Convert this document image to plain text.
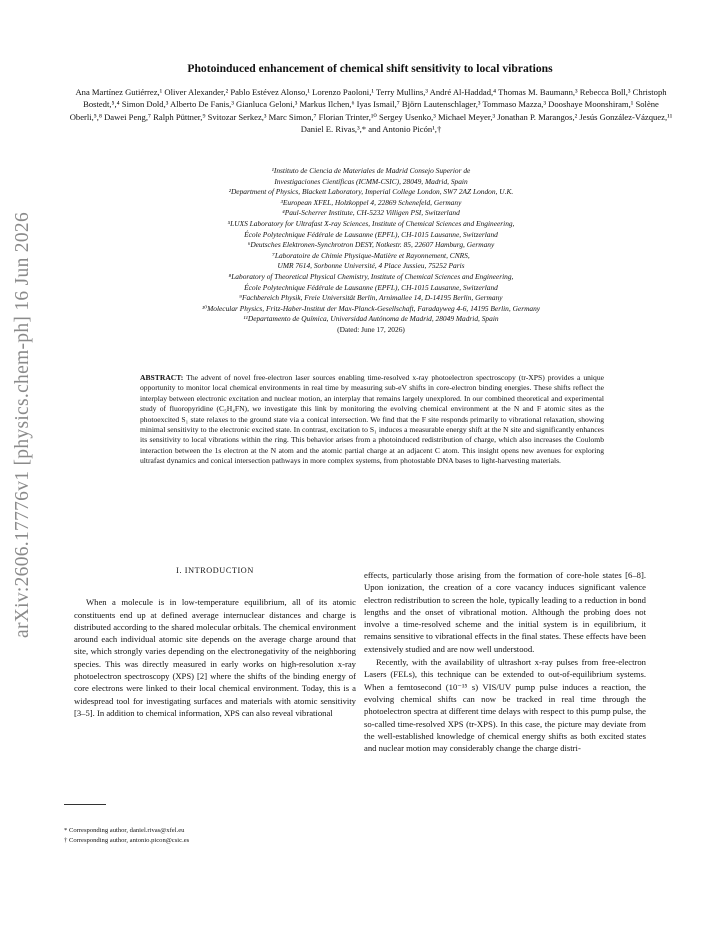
arXiv:2606.17776v1 [physics.chem-ph] 16 Jun 2026
Photoinduced enhancement of chemical shift sensitivity to local vibrations
Ana Martínez Gutiérrez,¹ Oliver Alexander,² Pablo Estévez Alonso,¹ Lorenzo Paoloni,¹ Terry Mullins,³ André Al-Haddad,⁴ Thomas M. Baumann,³ Rebecca Boll,³ Christoph Bostedt,⁵,⁴ Simon Dold,³ Alberto De Fanis,³ Gianluca Geloni,³ Markus Ilchen,⁶ Iyas Ismail,⁷ Björn Lautenschlager,³ Tommaso Mazza,³ Dooshaye Moonshiram,¹ Solène Oberli,⁵,⁸ Dawei Peng,⁷ Ralph Püttner,⁹ Svitozar Serkez,³ Marc Simon,⁷ Florian Trinter,¹⁰ Sergey Usenko,³ Michael Meyer,³ Jonathan P. Marangos,² Jesús González-Vázquez,¹¹ Daniel E. Rivas,³,* and Antonio Picón¹,†
¹Instituto de Ciencia de Materiales de Madrid Consejo Superior de
Investigaciones Científicas (ICMM-CSIC), 28049, Madrid, Spain
²Department of Physics, Blackett Laboratory, Imperial College London, SW7 2AZ London, U.K.
³European XFEL, Holzkoppel 4, 22869 Schenefeld, Germany
⁴Paul-Scherrer Institute, CH-5232 Villigen PSI, Switzerland
⁵LUXS Laboratory for Ultrafast X-ray Sciences, Institute of Chemical Sciences and Engineering,
École Polytechnique Fédérale de Lausanne (EPFL), CH-1015 Lausanne, Switzerland
⁶Deutsches Elektronen-Synchrotron DESY, Notkestr. 85, 22607 Hamburg, Germany
⁷Laboratoire de Chimie Physique-Matière et Rayonnement, CNRS,
UMR 7614, Sorbonne Université, 4 Place Jussieu, 75252 Paris
⁸Laboratory of Theoretical Physical Chemistry, Institute of Chemical Sciences and Engineering,
École Polytechnique Fédérale de Lausanne (EPFL), CH-1015 Lausanne, Switzerland
⁹Fachbereich Physik, Freie Universität Berlin, Arnimallee 14, D-14195 Berlin, Germany
¹⁰Molecular Physics, Fritz-Haber-Institut der Max-Planck-Gesellschaft, Faradayweg 4-6, 14195 Berlin, Germany
¹¹Departamento de Química, Universidad Autónoma de Madrid, 28049 Madrid, Spain
(Dated: June 17, 2026)
ABSTRACT: The advent of novel free-electron laser sources enabling time-resolved x-ray photoelectron spectroscopy (tr-XPS) provides a unique opportunity to monitor local chemical environments in real time by measuring sub-eV shifts in core-electron binding energies. These shifts reflect the interplay between electronic excitation and nuclear motion, an interplay that remains largely unexplored. In our combined theoretical and experimental study of fluoropyridine (C₅H₄FN), we investigate this link by monitoring the evolving chemical environment at the N and F atomic sites as the photoexcited S₁ state relaxes to the ground state via a conical intersection. We find that the F site responds primarily to vibrational relaxation, showing minimal sensitivity to the electronic excited state. In contrast, excitation to S₁ induces a measurable energy shift at the N site and significantly enhances its sensitivity to local vibrations within the ring. This behavior arises from a photoinduced redistribution of charge, which also increases the Coulomb interaction between the 1s electron at the N atom and the atomic partial charge at an adjacent C atom. This insight opens new avenues for exploring ultrafast dynamics and conical intersection pathways in more complex systems, from photostable DNA bases to light-harvesting materials.
I. INTRODUCTION

When a molecule is in low-temperature equilibrium, all of its atomic constituents end up at defined average internuclear distances and charge is distributed according to the shared molecular orbitals. The chemical environment around each individual atomic site depends on the average charge around that site, which strongly varies depending on the electronegativity of the neighboring species. This was directly measured in early works on high-resolution x-ray photoelectron spectroscopy (XPS) [2] where the shifts of the binding energy of core electrons were linked to their local chemical environment. Today, this is a widespread tool for investigating surfaces and materials with atomic sensitivity [3–5]. In addition to chemical information, XPS can also reveal vibrational

effects, particularly those arising from the formation of core-hole states [6–8]. Upon ionization, the creation of a core vacancy induces significant valence electron redistribution to screen the hole, typically leading to a reduction in bond lengths and the onset of vibrational motion. Although the probing does not involve a time-resolved scheme and the initial system is in equilibrium, it remains sensitive to vibrational effects in the final states. These effects have been extensively studied and are now well understood.

Recently, with the availability of ultrashort x-ray pulses from free-electron Lasers (FELs), this technique can be extended to out-of-equilibrium systems. When a femtosecond (10⁻¹⁵ s) VIS/UV pump pulse induces a reaction, the evolving chemical shifts can now be tracked in real time through the photoelectron spectra at different time delays with respect to this pump pulse, the so-called time-resolved XPS (tr-XPS). In this case, the picture may deviate from the well-established knowledge of chemical energy shifts as both excited states and nuclear motion may considerably change the charge distri-

* Corresponding author, daniel.rivas@xfel.eu
† Corresponding author, antonio.picon@csic.es
